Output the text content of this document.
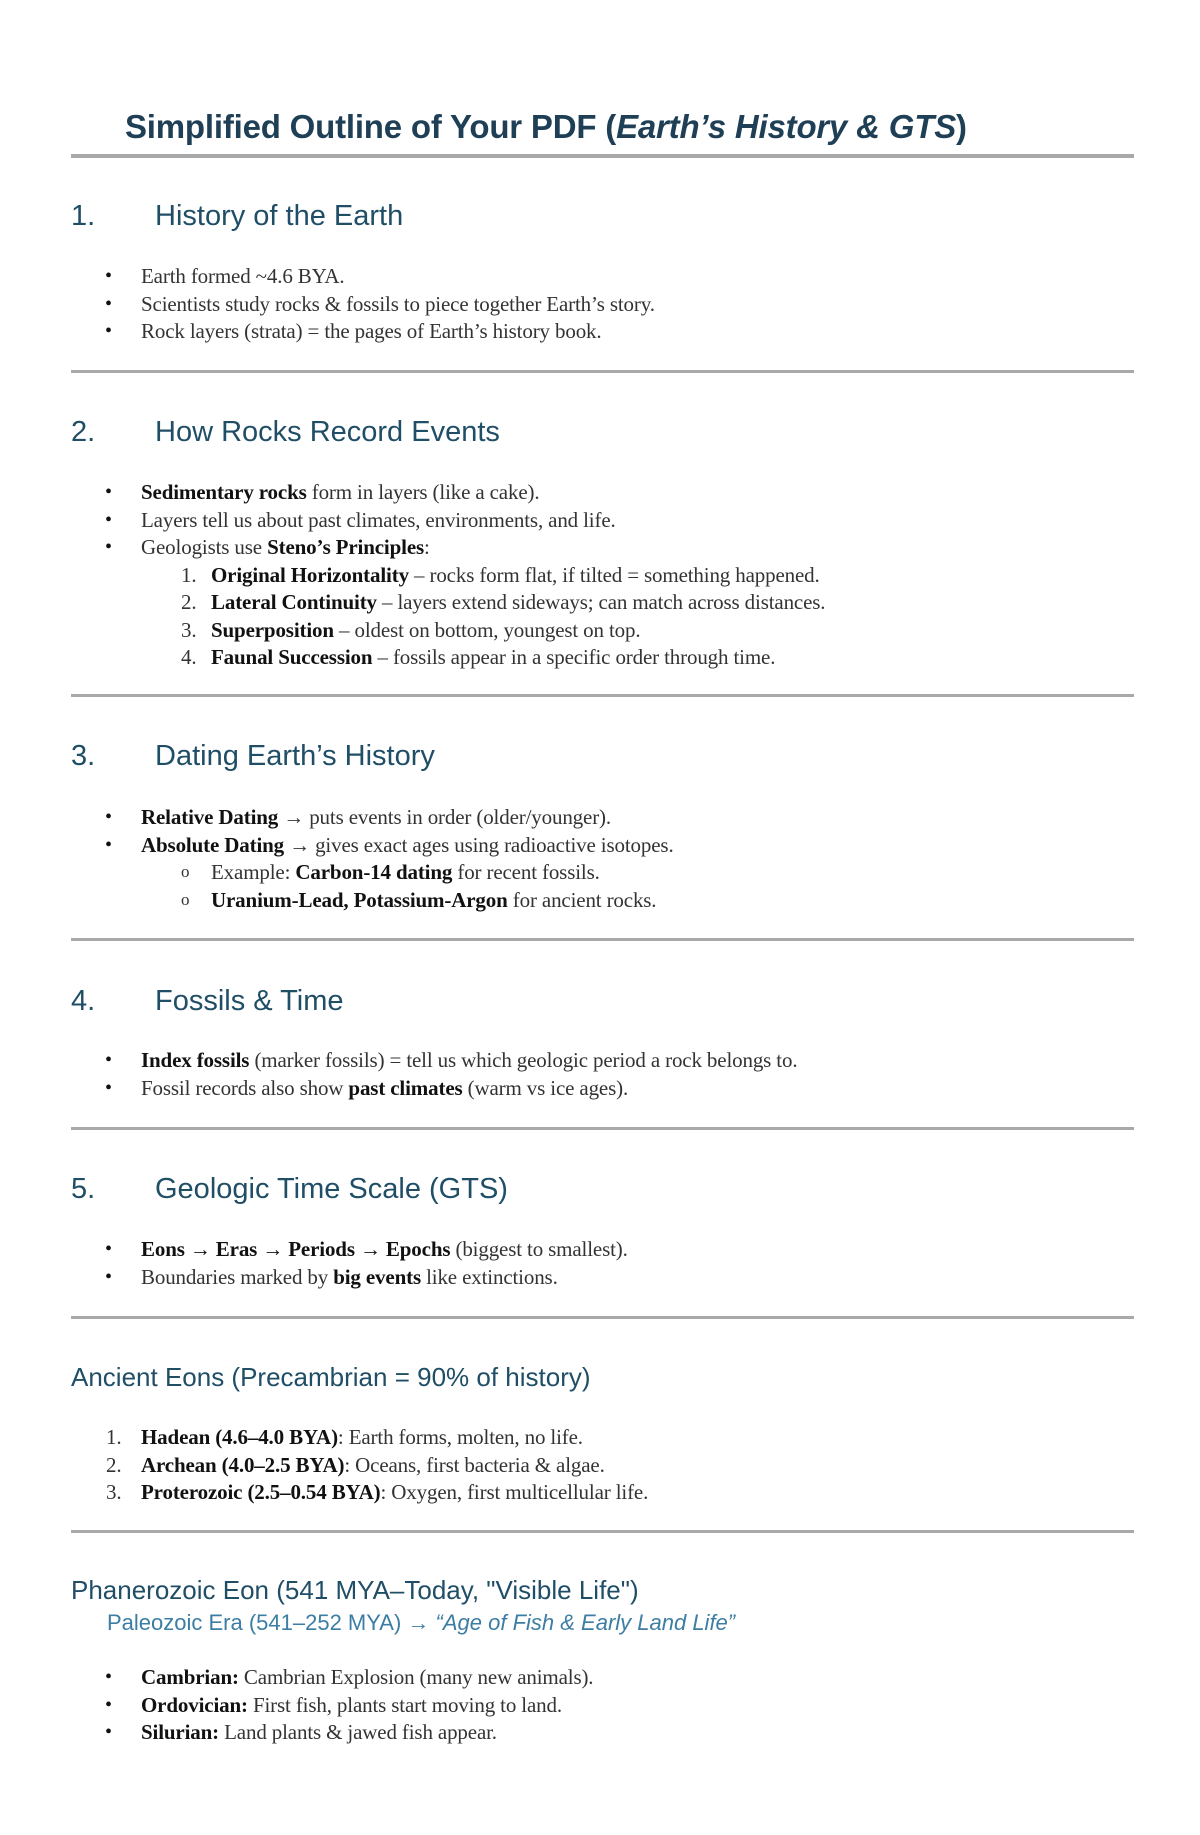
Simplified Outline of Your PDF (Earth’s History & GTS)
1. History of the Earth
• Earth formed ~4.6 BYA.
• Scientists study rocks & fossils to piece together Earth’s story.
• Rock layers (strata) = the pages of Earth’s history book.
2. How Rocks Record Events
• Sedimentary rocks form in layers (like a cake).
• Layers tell us about past climates, environments, and life.
• Geologists use Steno’s Principles:
1. Original Horizontality – rocks form flat, if tilted = something happened.
2. Lateral Continuity – layers extend sideways; can match across distances.
3. Superposition – oldest on bottom, youngest on top.
4. Faunal Succession – fossils appear in a specific order through time.
3. Dating Earth’s History
• Relative Dating → puts events in order (older/younger).
• Absolute Dating → gives exact ages using radioactive isotopes.
o Example: Carbon-14 dating for recent fossils.
o Uranium-Lead, Potassium-Argon for ancient rocks.
4. Fossils & Time
• Index fossils (marker fossils) = tell us which geologic period a rock belongs to.
• Fossil records also show past climates (warm vs ice ages).
5. Geologic Time Scale (GTS)
• Eons → Eras → Periods → Epochs (biggest to smallest).
• Boundaries marked by big events like extinctions.
Ancient Eons (Precambrian = 90% of history)
1. Hadean (4.6–4.0 BYA): Earth forms, molten, no life.
2. Archean (4.0–2.5 BYA): Oceans, first bacteria & algae.
3. Proterozoic (2.5–0.54 BYA): Oxygen, first multicellular life.
Phanerozoic Eon (541 MYA–Today, "Visible Life")
Paleozoic Era (541–252 MYA) → “Age of Fish & Early Land Life”
• Cambrian: Cambrian Explosion (many new animals).
• Ordovician: First fish, plants start moving to land.
• Silurian: Land plants & jawed fish appear.
